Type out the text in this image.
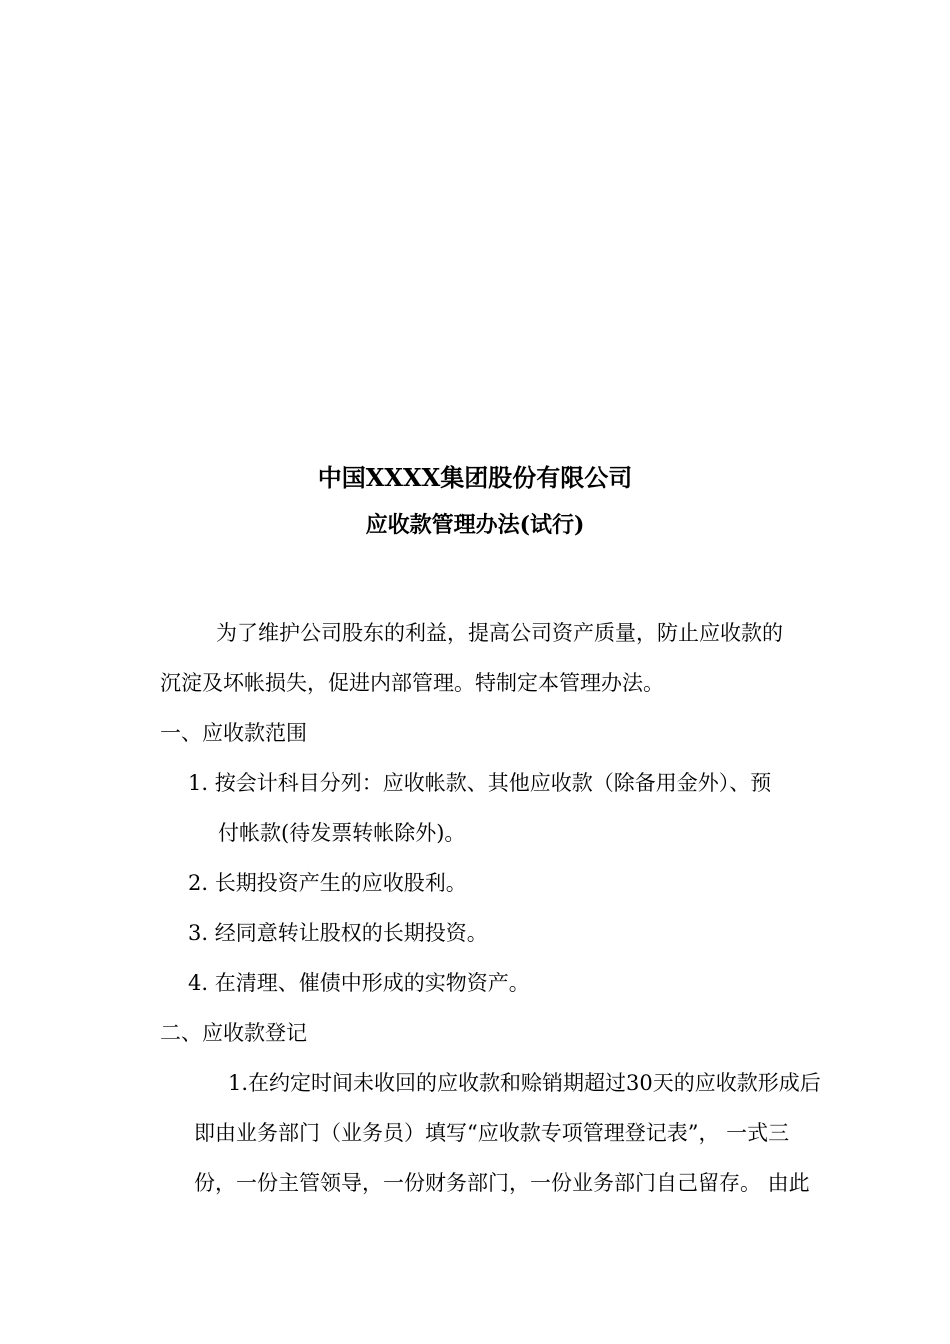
中国XXXX集团股份有限公司
应收款管理办法(试行)

为了维护公司股东的利益，提高公司资产质量，防止应收款的
沉淀及坏帐损失，促进内部管理。特制定本管理办法。

一、应收款范围

1. 按会计科目分列：应收帐款、其他应收款（除备用金外）、预
付帐款(待发票转帐除外)。
2. 长期投资产生的应收股利。
3. 经同意转让股权的长期投资。
4. 在清理、催债中形成的实物资产。

二、应收款登记

1.在约定时间未收回的应收款和赊销期超过30天的应收款形成后
即由业务部门（业务员）填写“应收款专项管理登记表”， 一式三
份，一份主管领导，一份财务部门，一份业务部门自己留存。 由此
